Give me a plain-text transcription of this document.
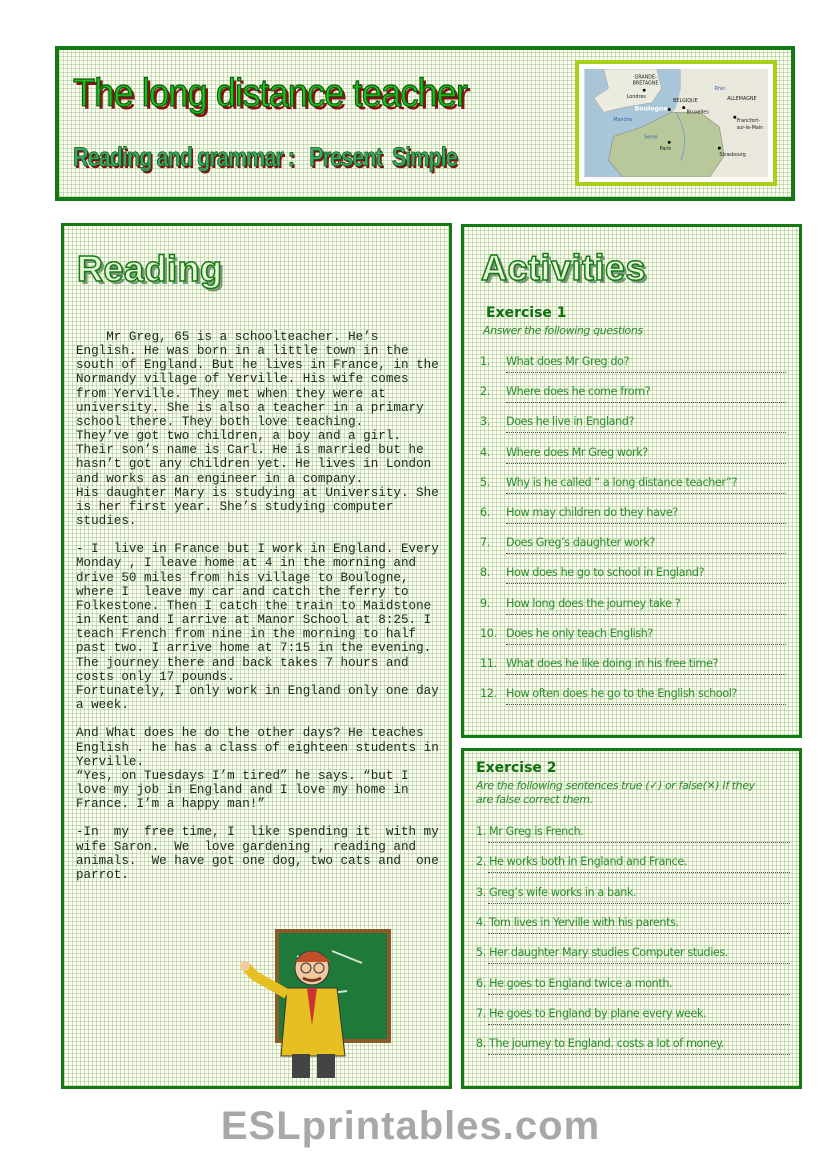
The long distance teacher
Reading and grammar :   Present  Simple
GRANDE-
BRETAGNE
Londres
BELGIQUE
Bruxelles
ALLEMAGNE
Boulogne
Manche
Paris
Strasbourg
Francfort-
sur-le-Main
Rhin
Seine
Reading
Mr Greg, 65 is a schoolteacher. He’s
English. He was born in a little town in the
south of England. But he lives in France, in the
Normandy village of Yerville. His wife comes
from Yerville. They met when they were at
university. She is also a teacher in a primary
school there. They both love teaching.
They’ve got two children, a boy and a girl.
Their son’s name is Carl. He is married but he
hasn’t got any children yet. He lives in London
and works as an engineer in a company.
His daughter Mary is studying at University. She
is her first year. She’s studying computer
studies.
- I  live in France but I work in England. Every
Monday , I leave home at 4 in the morning and
drive 50 miles from his village to Boulogne,
where I  leave my car and catch the ferry to
Folkestone. Then I catch the train to Maidstone
in Kent and I arrive at Manor School at 8:25. I
teach French from nine in the morning to half
past two. I arrive home at 7:15 in the evening.
The journey there and back takes 7 hours and
costs only 17 pounds.
Fortunately, I only work in England only one day
a week.
And What does he do the other days? He teaches
English . he has a class of eighteen students in
Yerville.
“Yes, on Tuesdays I’m tired” he says. “but I
love my job in England and I love my home in
France. I’m a happy man!”
-In  my  free time, I  like spending it  with my
wife Saron.  We  love gardening , reading and
animals.  We have got one dog, two cats and  one
parrot.
Activities
Exercise 1
Answer the following questions
1. What does Mr Greg do?
2. Where does he come from?
3. Does he live in England?
4. Where does Mr Greg work?
5. Why is he called “ a long distance teacher”?
6. How may children do they have?
7. Does Greg’s daughter work?
8. How does he go to school in England?
9. How long does the journey take ?
10. Does he only teach English?
11. What does he like doing in his free time?
12. How often does he go to the English school?
Exercise 2
Are the following sentences true (✓) or false(✕) If they
are false correct them.
1. Mr Greg is French.
2. He works both in England and France.
3. Greg’s wife works in a bank.
4. Tom lives in Yerville with his parents.
5. Her daughter Mary studies Computer studies.
6. He goes to England twice a month.
7. He goes to England by plane every week.
8. The journey to England. costs a lot of money.
ESLprintables.com
